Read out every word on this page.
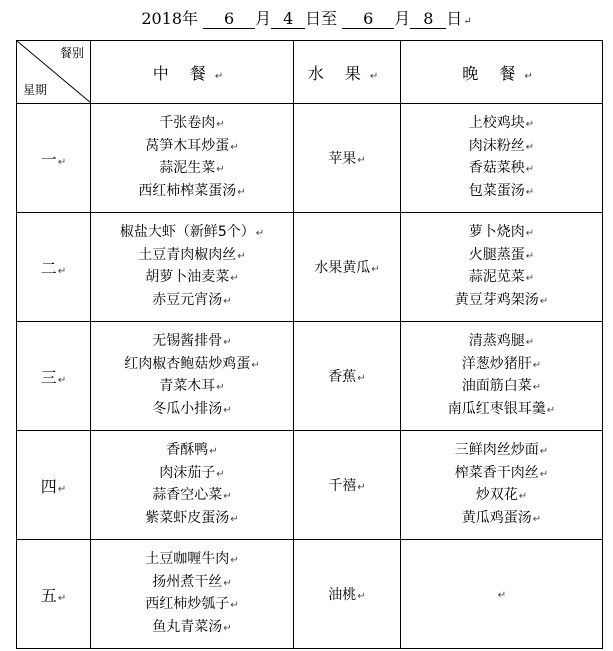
2018年 6 月 4 日至 6 月 8 日↵
餐别
星期	中 餐↵	水 果↵	晚 餐↵
一↵	千张卷肉↵
莴笋木耳炒蛋↵
蒜泥生菜↵
西红柿榨菜蛋汤↵	苹果↵	上校鸡块↵
肉沫粉丝↵
香菇菜秧↵
包菜蛋汤↵

二↵	椒盐大虾（新鲜5个）↵
土豆青肉椒肉丝↵
胡萝卜油麦菜↵
赤豆元宵汤↵	水果黄瓜↵	萝卜烧肉↵
火腿蒸蛋↵
蒜泥苋菜↵
黄豆芽鸡架汤↵

三↵	无锡酱排骨↵
红肉椒杏鲍菇炒鸡蛋↵
青菜木耳↵
冬瓜小排汤↵	香蕉↵	清蒸鸡腿↵
洋葱炒猪肝↵
油面筋白菜↵
南瓜红枣银耳羹↵

四↵	香酥鸭↵
肉沫茄子↵
蒜香空心菜↵
紫菜虾皮蛋汤↵	千禧↵	三鲜肉丝炒面↵
榨菜香干肉丝↵
炒双花↵
黄瓜鸡蛋汤↵

五↵	土豆咖喱牛肉↵
扬州煮干丝↵
西红柿炒瓠子↵
鱼丸青菜汤↵	油桃↵	↵
